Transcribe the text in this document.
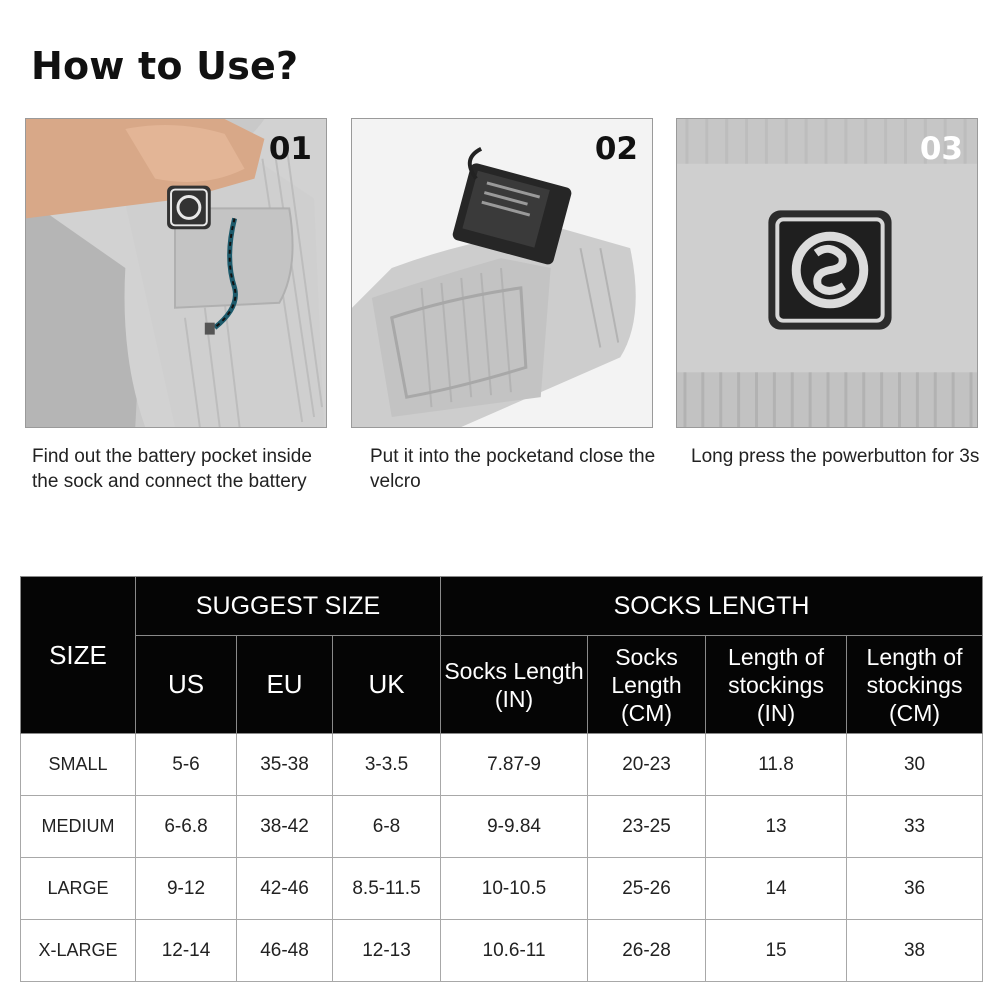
How to Use?
01	02	03

Find out the battery pocket inside the sock and connect the battery

Put it into the pocketand close the velcro

Long press the powerbutton for 3s

SIZE	SUGGEST SIZE			SOCKS LENGTH			
	US	EU	UK	Socks Length (IN)	Socks Length (CM)	Length of stockings (IN)	Length of stockings (CM)
SMALL	5-6	35-38	3-3.5	7.87-9	20-23	11.8	30
MEDIUM	6-6.8	38-42	6-8	9-9.84	23-25	13	33
LARGE	9-12	42-46	8.5-11.5	10-10.5	25-26	14	36
X-LARGE	12-14	46-48	12-13	10.6-11	26-28	15	38
